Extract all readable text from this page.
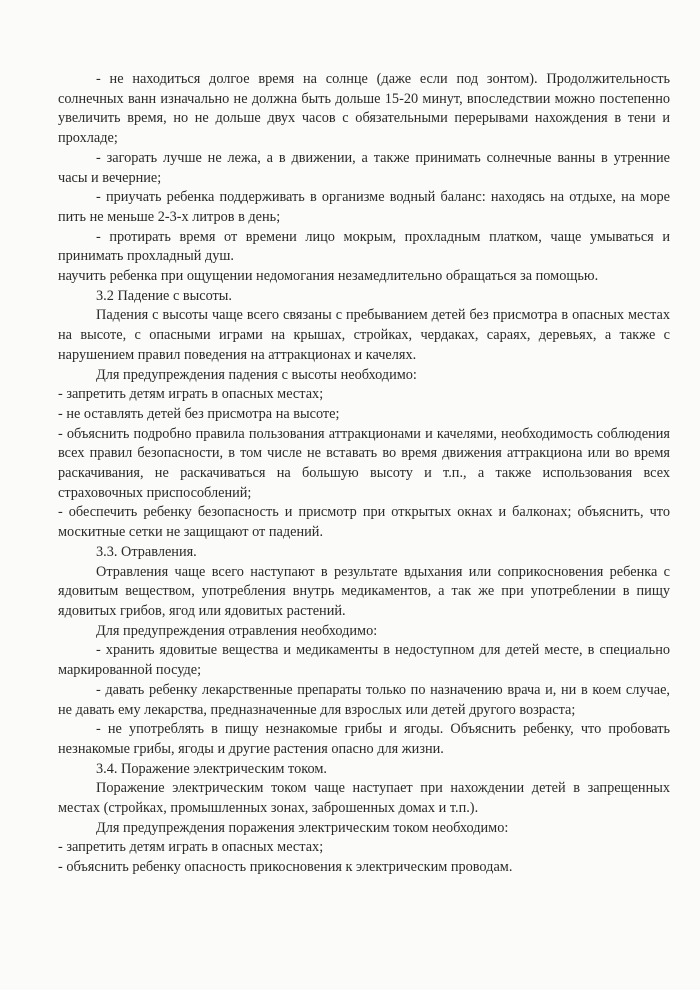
- не находиться долгое время на солнце (даже если под зонтом). Продолжительность солнечных ванн изначально не должна быть дольше 15-20 минут, впоследствии можно постепенно увеличить время, но не дольше двух часов с обязательными перерывами нахождения в тени и прохладе;

- загорать лучше не лежа, а в движении, а также принимать солнечные ванны в утренние часы и вечерние;

- приучать ребенка поддерживать в организме водный баланс: находясь на отдыхе, на море пить не меньше 2-3-х литров в день;

- протирать время от времени лицо мокрым, прохладным платком, чаще умываться и принимать прохладный душ.

научить ребенка при ощущении недомогания незамедлительно обращаться за помощью.

3.2 Падение с высоты.

Падения с высоты чаще всего связаны с пребыванием детей без присмотра в опасных местах на высоте, с опасными играми на крышах, стройках, чердаках, сараях, деревьях, а также с нарушением правил поведения на аттракционах и качелях.

Для предупреждения падения с высоты необходимо:

- запретить детям играть в опасных местах;

- не оставлять детей без присмотра на высоте;

- объяснить подробно правила пользования аттракционами и качелями, необходимость соблюдения всех правил безопасности, в том числе не вставать во время движения аттракциона или во время раскачивания, не раскачиваться на большую высоту и т.п., а также использования всех страховочных приспособлений;

- обеспечить ребенку безопасность и присмотр при открытых окнах и балконах; объяснить, что москитные сетки не защищают от падений.

3.3. Отравления.

Отравления чаще всего наступают в результате вдыхания или соприкосновения ребенка с ядовитым веществом, употребления внутрь медикаментов, а так же при употреблении в пищу ядовитых грибов, ягод или ядовитых растений.

Для предупреждения отравления необходимо:

- хранить ядовитые вещества и медикаменты в недоступном для детей месте, в специально маркированной посуде;

- давать ребенку лекарственные препараты только по назначению врача и, ни в коем случае, не давать ему лекарства, предназначенные для взрослых или детей другого возраста;

- не употреблять в пищу незнакомые грибы и ягоды. Объяснить ребенку, что пробовать незнакомые грибы, ягоды и другие растения опасно для жизни.

3.4. Поражение электрическим током.

Поражение электрическим током чаще наступает при нахождении детей в запрещенных местах (стройках, промышленных зонах, заброшенных домах и т.п.).

Для предупреждения поражения электрическим током необходимо:

- запретить детям играть в опасных местах;

- объяснить ребенку опасность прикосновения к электрическим проводам.
